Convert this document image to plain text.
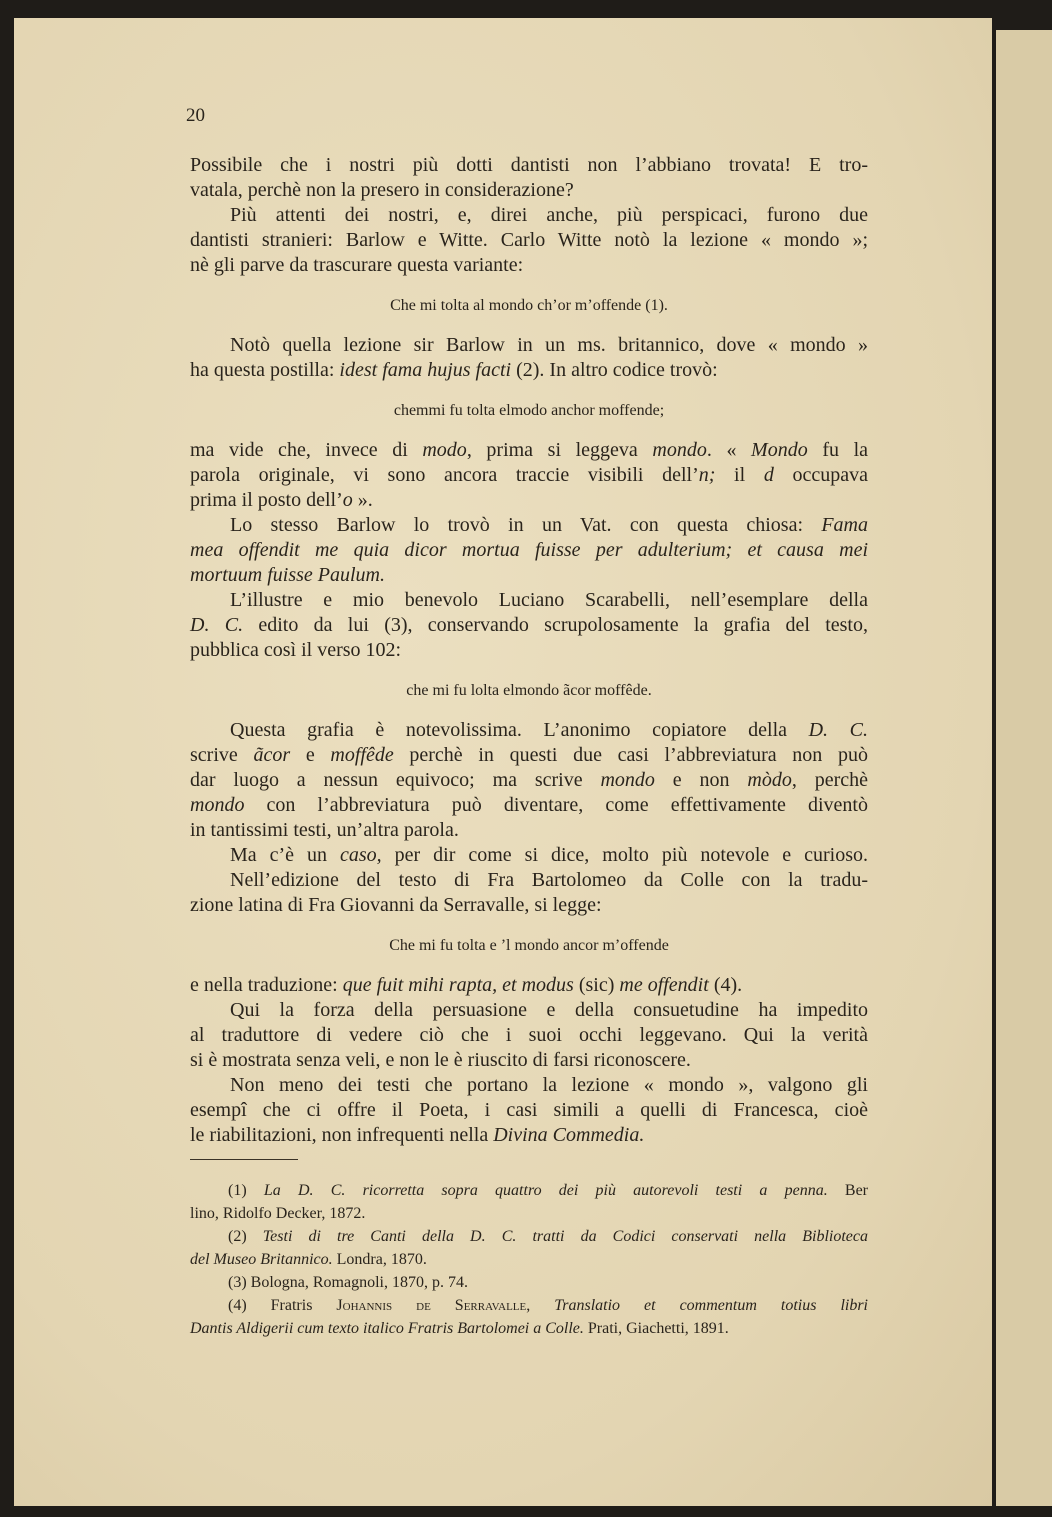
20
Possibile che i nostri più dotti dantisti non l’abbiano trovata! E tro-
vatala, perchè non la presero in considerazione?
Più attenti dei nostri, e, direi anche, più perspicaci, furono due
dantisti stranieri: Barlow e Witte. Carlo Witte notò la lezione « mondo »;
nè gli parve da trascurare questa variante:
Che mi tolta al mondo ch’or m’offende (1).
Notò quella lezione sir Barlow in un ms. britannico, dove « mondo »
ha questa postilla: idest fama hujus facti (2). In altro codice trovò:
chemmi fu tolta elmodo anchor moffende;
ma vide che, invece di modo, prima si leggeva mondo. « Mondo fu la
parola originale, vi sono ancora traccie visibili dell’n; il d occupava
prima il posto dell’o ».
Lo stesso Barlow lo trovò in un Vat. con questa chiosa: Fama
mea offendit me quia dicor mortua fuisse per adulterium; et causa mei
mortuum fuisse Paulum.
L’illustre e mio benevolo Luciano Scarabelli, nell’esemplare della
D. C. edito da lui (3), conservando scrupolosamente la grafia del testo,
pubblica così il verso 102:
che mi fu lolta elmondo ãcor moffêde.
Questa grafia è notevolissima. L’anonimo copiatore della D. C.
scrive ãcor e moffêde perchè in questi due casi l’abbreviatura non può
dar luogo a nessun equivoco; ma scrive mondo e non mòdo, perchè
mondo con l’abbreviatura può diventare, come effettivamente diventò
in tantissimi testi, un’altra parola.
Ma c’è un caso, per dir come si dice, molto più notevole e curioso.
Nell’edizione del testo di Fra Bartolomeo da Colle con la tradu-
zione latina di Fra Giovanni da Serravalle, si legge:
Che mi fu tolta e ’l mondo ancor m’offende
e nella traduzione: que fuit mihi rapta, et modus (sic) me offendit (4).
Qui la forza della persuasione e della consuetudine ha impedito
al traduttore di vedere ciò che i suoi occhi leggevano. Qui la verità
si è mostrata senza veli, e non le è riuscito di farsi riconoscere.
Non meno dei testi che portano la lezione « mondo », valgono gli
esempî che ci offre il Poeta, i casi simili a quelli di Francesca, cioè
le riabilitazioni, non infrequenti nella Divina Commedia.
(1) La D. C. ricorretta sopra quattro dei più autorevoli testi a penna. Ber
lino, Ridolfo Decker, 1872.
(2) Testi di tre Canti della D. C. tratti da Codici conservati nella Biblioteca
del Museo Britannico. Londra, 1870.
(3) Bologna, Romagnoli, 1870, p. 74.
(4) Fratris Johannis de Serravalle, Translatio et commentum totius libri
Dantis Aldigerii cum texto italico Fratris Bartolomei a Colle. Prati, Giachetti, 1891.
